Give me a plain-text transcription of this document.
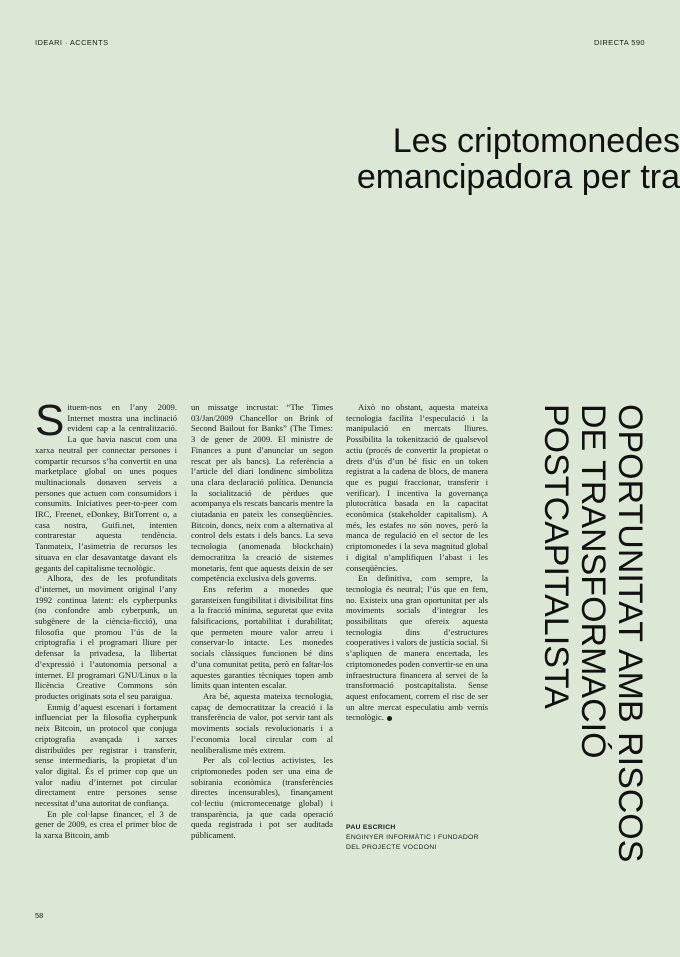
IDEARI · ACCENTS	DIRECTA 590
Les criptomonedes
emancipadora per tra

Situem-nos en l’any 2009. Internet mostra una inclinació evident cap a la centralització. La que havia nascut com una xarxa neutral per connectar persones i compartir recursos s’ha convertit en una marketplace global on unes poques multinacionals donaven serveis a persones que actuen com consumidors i consumits. Iniciatives peer-to-peer com IRC, Freenet, eDonkey, BitTorrent o, a casa nostra, Guifi.net, intenten contrarestar aquesta tendència. Tanmateix, l’asimetria de recursos les situava en clar desavantatge davant els gegants del capitalisme tecnològic.

Alhora, des de les profunditats d’internet, un moviment original l’any 1992 continua latent: els cypherpunks (no confondre amb cyberpunk, un subgènere de la ciència-ficció), una filosofia que promou l’ús de la criptografia i el programari lliure per defensar la privadesa, la llibertat d’expressió i l’autonomia personal a internet. El programari GNU/Linux o la llicència Creative Commons són productes originats sota el seu paraigua.

Enmig d’aquest escenari i fortament influenciat per la filosofia cypherpunk neix Bitcoin, un protocol que conjuga criptografia avançada i xarxes distribuïdes per registrar i transferir, sense intermediaris, la propietat d’un valor digital. És el primer cop que un valor nadiu d’internet pot circular directament entre persones sense necessitat d’una autoritat de confiança.

En ple col·lapse financer, el 3 de gener de 2009, es crea el primer bloc de la xarxa Bitcoin, amb

un missatge incrustat: “The Times 03/Jan/2009 Chancellor on Brink of Second Bailout for Banks” (The Times: 3 de gener de 2009. El ministre de Finances a punt d’anunciar un segon rescat per als bancs). La referència a l’article del diari londinenc simbolitza una clara declaració política. Denuncia la socialització de pèrdues que acompanya els rescats bancaris mentre la ciutadania en pateix les conseqüències. Bitcoin, doncs, neix com a alternativa al control dels estats i dels bancs. La seva tecnologia (anomenada blockchain) democratitza la creació de sistemes monetaris, fent que aquests deixin de ser competència exclusiva dels governs.

Ens referim a monedes que garanteixen fungibilitat i divisibilitat fins a la fracció mínima, seguretat que evita falsificacions, portabilitat i durabilitat; que permeten moure valor arreu i conservar-lo intacte. Les monedes socials clàssiques funcionen bé dins d’una comunitat petita, però en faltar-los aquestes garanties tècniques topen amb límits quan intenten escalar.

Ara bé, aquesta mateixa tecnologia, capaç de democratitzar la creació i la transferència de valor, pot servir tant als moviments socials revolucionaris i a l’economia local circular com al neoliberalisme més extrem.

Per als col·lectius activistes, les criptomonedes poden ser una eina de sobirania econòmica (transferències directes incensurables), finançament col·lectiu (micromecenatge global) i transparència, ja que cada operació queda registrada i pot ser auditada públicament.

Això no obstant, aquesta mateixa tecnologia facilita l’especulació i la manipulació en mercats lliures. Possibilita la tokenització de qualsevol actiu (procés de convertir la propietat o drets d’ús d’un bé físic en un token registrat a la cadena de blocs, de manera que es pugui fraccionar, transferir i verificar). I incentiva la governança plutocràtica basada en la capacitat econòmica (stakeholder capitalism). A més, les estafes no són noves, però la manca de regulació en el sector de les criptomonedes i la seva magnitud global i digital n’amplifiquen l’abast i les conseqüències.

En definitiva, com sempre, la tecnologia és neutral; l’ús que en fem, no. Existeix una gran oportunitat per als moviments socials d’integrar les possibilitats que ofereix aquesta tecnologia dins d’estructures cooperatives i valors de justícia social. Si s’apliquen de manera encertada, les criptomonedes poden convertir-se en una infraestructura financera al servei de la transformació postcapitalista. Sense aquest enfocament, correm el risc de ser un altre mercat especulatiu amb vernís tecnològic.

PAU ESCRICH
ENGINYER INFORMÀTIC I FUNDADOR
DEL PROJECTE VOCDONI	OPORTUNITAT AMB RISCOS
DE TRANSFORMACIÓ
POSTCAPITALISTA
58
